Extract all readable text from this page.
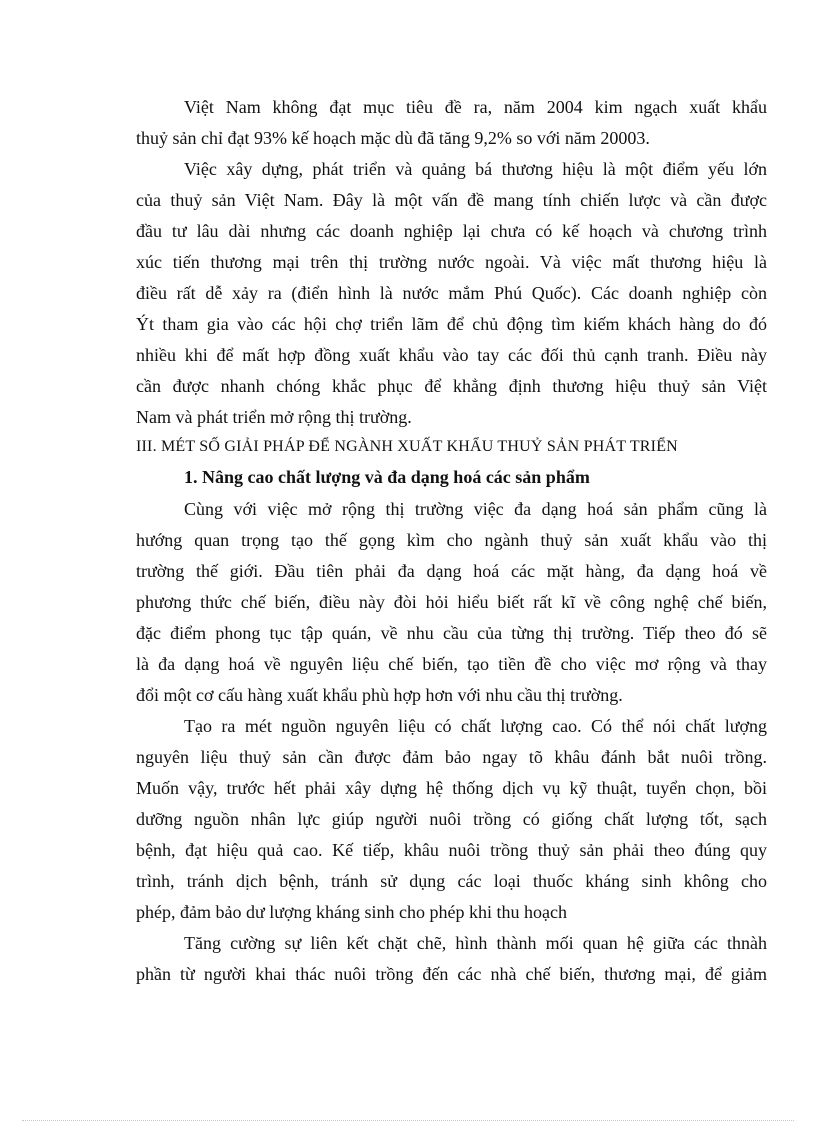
Việt Nam không đạt mục tiêu đề ra, năm 2004 kim ngạch xuất khẩu
thuỷ sản chỉ đạt 93% kế hoạch mặc dù đã tăng 9,2% so với năm 20003.
Việc xây dựng, phát triển và quảng bá thương hiệu là một điểm yếu lớn
của thuỷ sản Việt Nam. Đây là một vấn đề mang tính chiến lược và cần được
đầu tư lâu dài nhưng các doanh nghiệp lại chưa có kế hoạch và chương trình
xúc tiến thương mại trên thị trường nước ngoài. Và việc mất thương hiệu là
điều rất dễ xảy ra (điển hình là nước mắm Phú Quốc). Các doanh nghiệp còn
Ýt tham gia vào các hội chợ triển lãm để chủ động tìm kiếm khách hàng do đó
nhiều khi để mất hợp đồng xuất khẩu vào tay các đối thủ cạnh tranh. Điều này
cần được nhanh chóng khắc phục để khẳng định thương hiệu thuỷ sản Việt
Nam và phát triển mở rộng thị trường.
III. MÉT SỐ GIẢI PHÁP ĐỂ NGÀNH XUẤT KHẨU THUỶ SẢN PHÁT TRIỂN
1. Nâng cao chất lượng và đa dạng hoá các sản phẩm
Cùng với việc mở rộng thị trường việc đa dạng hoá sản phẩm cũng là
hướng quan trọng tạo thế gọng kìm cho ngành thuỷ sản xuất khẩu vào thị
trường thế giới. Đầu tiên phải đa dạng hoá các mặt hàng, đa dạng hoá về
phương thức chế biến, điều này đòi hỏi hiểu biết rất kĩ về công nghệ chế biến,
đặc điểm phong tục tập quán, về nhu cầu của từng thị trường. Tiếp theo đó sẽ
là đa dạng hoá về nguyên liệu chế biến, tạo tiền đề cho việc mơ rộng và thay
đổi một cơ cấu hàng xuất khẩu phù hợp hơn với nhu cầu thị trường.
Tạo ra mét nguồn nguyên liệu có chất lượng cao. Có thể nói chất lượng
nguyên liệu thuỷ sản cần được đảm bảo ngay tõ khâu đánh bắt nuôi trồng.
Muốn vậy, trước hết phải xây dựng hệ thống dịch vụ kỹ thuật, tuyển chọn, bồi
dưỡng nguồn nhân lực giúp người nuôi trồng có giống chất lượng tốt, sạch
bệnh, đạt hiệu quả cao. Kế tiếp, khâu nuôi trồng thuỷ sản phải theo đúng quy
trình, tránh dịch bệnh, tránh sử dụng các loại thuốc kháng sinh không cho
phép, đảm bảo dư lượng kháng sinh cho phép khi thu hoạch
Tăng cường sự liên kết chặt chẽ, hình thành mối quan hệ giữa các thnàh
phần từ người khai thác nuôi trồng đến các nhà chế biến, thương mại, để giảm
